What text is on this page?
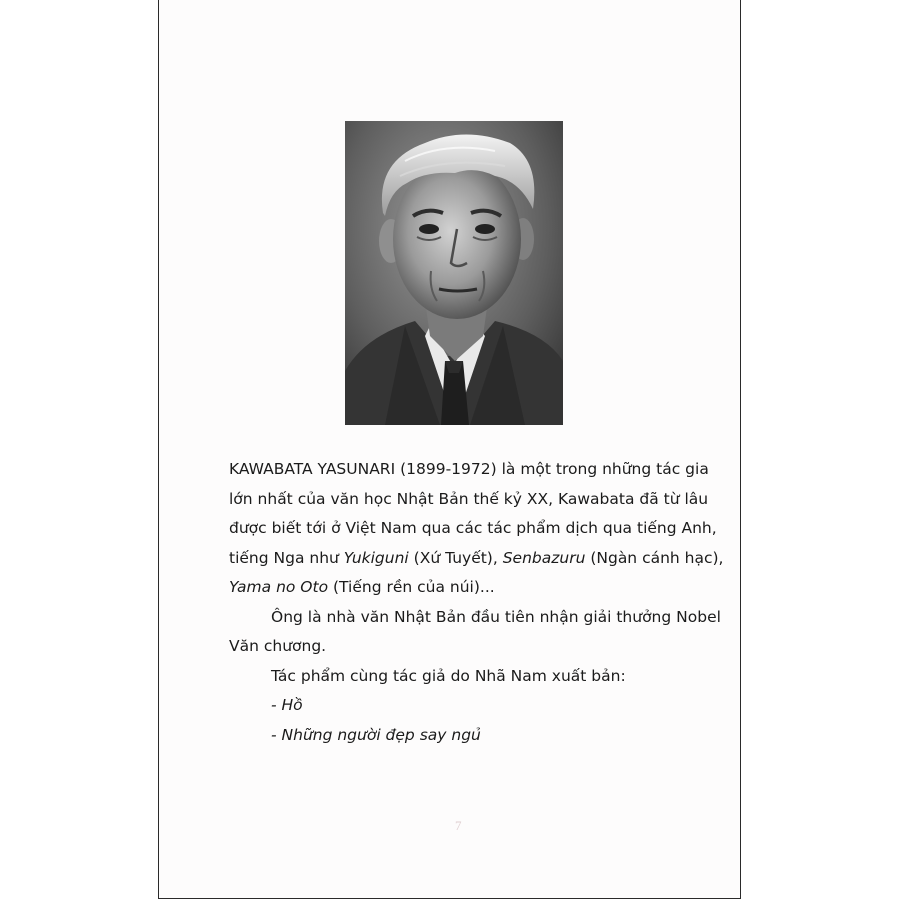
KAWABATA YASUNARI (1899-1972) là một trong những tác gia
lớn nhất của văn học Nhật Bản thế kỷ XX, Kawabata đã từ lâu
được biết tới ở Việt Nam qua các tác phẩm dịch qua tiếng Anh,
tiếng Nga như Yukiguni (Xứ Tuyết), Senbazuru (Ngàn cánh hạc),
Yama no Oto (Tiếng rền của núi)...
Ông là nhà văn Nhật Bản đầu tiên nhận giải thưởng Nobel
Văn chương.
Tác phẩm cùng tác giả do Nhã Nam xuất bản:
- Hồ
- Những người đẹp say ngủ
7
